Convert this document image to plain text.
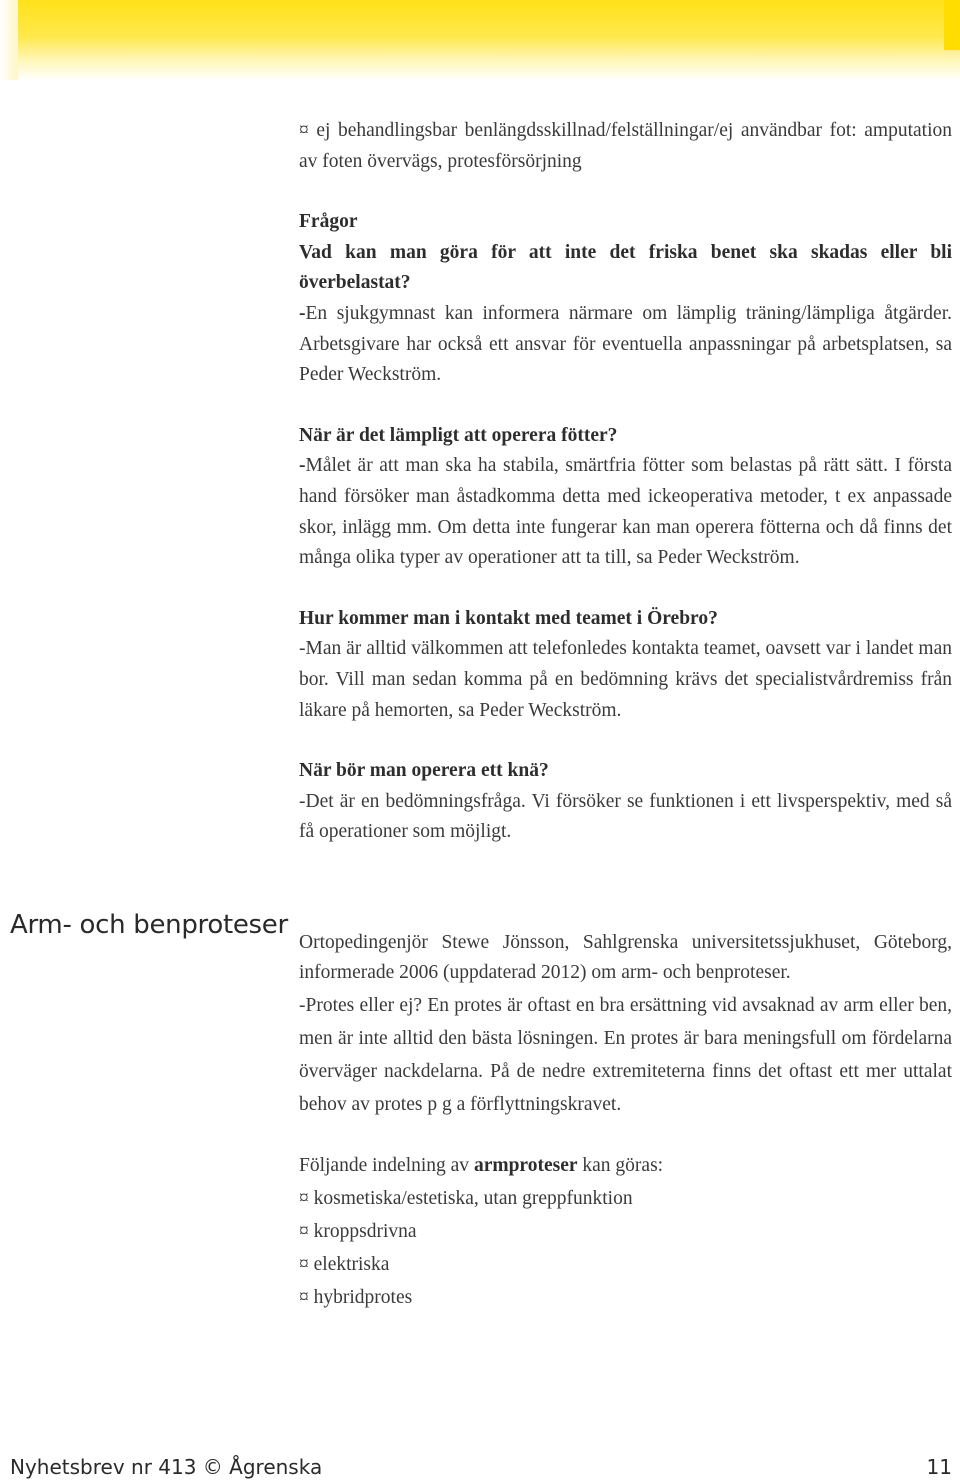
¤ ej behandlingsbar benlängdsskillnad/felställningar/ej användbar fot: amputation av foten övervägs, protesförsörjning

Frågor

Vad kan man göra för att inte det friska benet ska skadas eller bli överbelastat?

-En sjukgymnast kan informera närmare om lämplig träning/lämpliga åtgärder. Arbetsgivare har också ett ansvar för eventuella anpassningar på arbetsplatsen, sa Peder Weckström.

När är det lämpligt att operera fötter?

-Målet är att man ska ha stabila, smärtfria fötter som belastas på rätt sätt. I första hand försöker man åstadkomma detta med ickeoperativa metoder, t ex anpassade skor, inlägg mm. Om detta inte fungerar kan man operera fötterna och då finns det många olika typer av operationer att ta till, sa Peder Weckström.

Hur kommer man i kontakt med teamet i Örebro?

-Man är alltid välkommen att telefonledes kontakta teamet, oavsett var i landet man bor. Vill man sedan komma på en bedömning krävs det specialistvårdremiss från läkare på hemorten, sa Peder Weckström.

När bör man operera ett knä?

-Det är en bedömningsfråga. Vi försöker se funktionen i ett livsperspektiv, med så få operationer som möjligt.

Ortopedingenjör Stewe Jönsson, Sahlgrenska universitetssjukhuset, Göteborg, informerade 2006 (uppdaterad 2012) om arm- och benproteser.

-Protes eller ej? En protes är oftast en bra ersättning vid avsaknad av arm eller ben, men är inte alltid den bästa lösningen. En protes är bara meningsfull om fördelarna överväger nackdelarna. På de nedre extremiteterna finns det oftast ett mer uttalat behov av protes p g a förflyttningskravet.

Följande indelning av armproteser kan göras:

¤ kosmetiska/estetiska, utan greppfunktion

¤ kroppsdrivna

¤ elektriska

¤ hybridprotes

Arm- och benproteser
Nyhetsbrev nr 413 © Ågrenska	11
